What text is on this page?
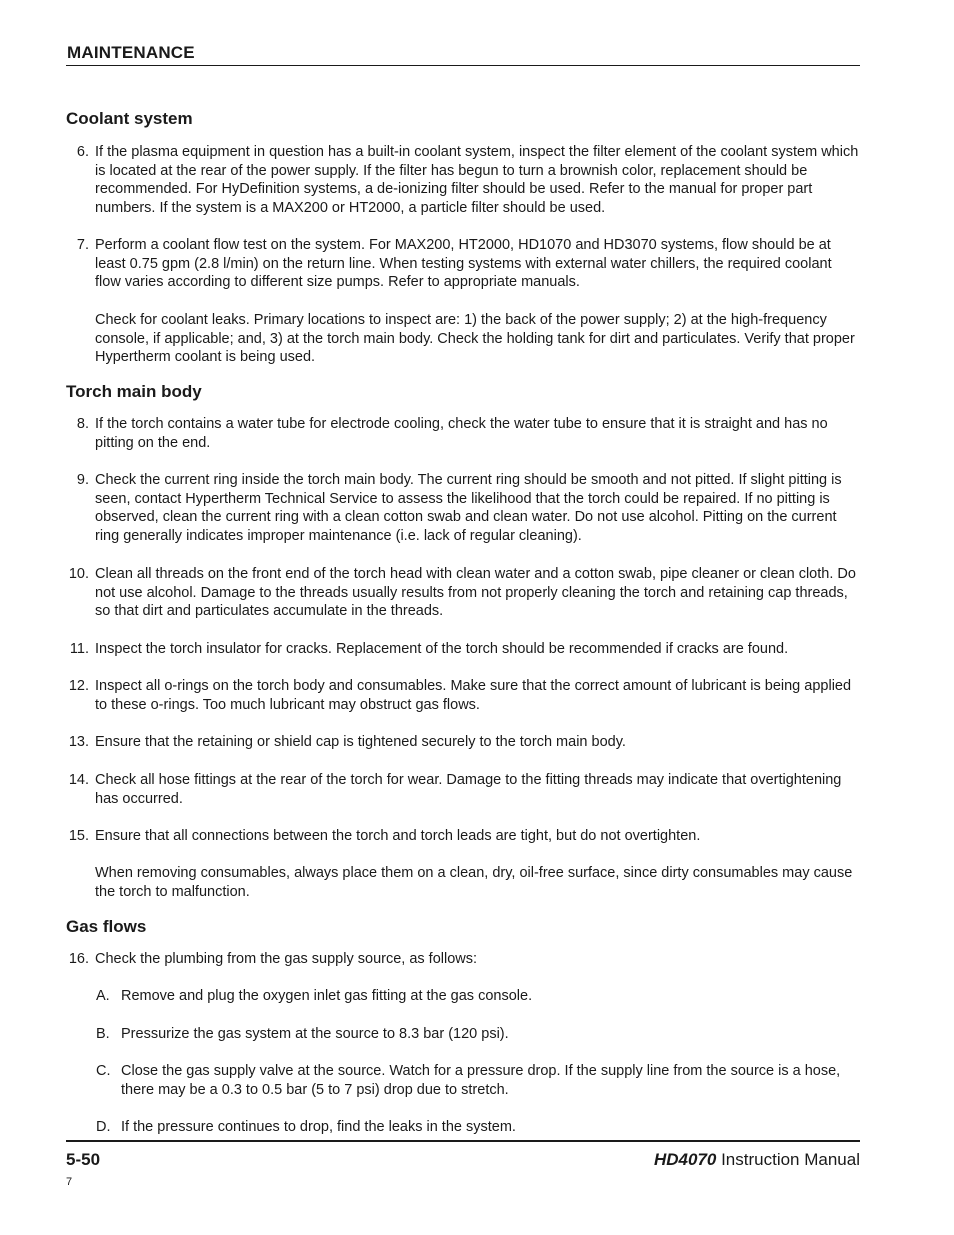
MAINTENANCE
Coolant system
6. If the plasma equipment in question has a built-in coolant system, inspect the filter element of the coolant system which is located at the rear of the power supply. If the filter has begun to turn a brownish color, replacement should be recommended. For HyDefinition systems, a de-ionizing filter should be used. Refer to the manual for proper part numbers. If the system is a MAX200 or HT2000, a particle filter should be used.
7. Perform a coolant flow test on the system. For MAX200, HT2000, HD1070 and HD3070 systems, flow should be at least 0.75 gpm (2.8 l/min) on the return line. When testing systems with external water chillers, the required coolant flow varies according to different size pumps. Refer to appropriate manuals.
Check for coolant leaks. Primary locations to inspect are: 1) the back of the power supply; 2) at the high-frequency console, if applicable; and, 3) at the torch main body. Check the holding tank for dirt and particulates. Verify that proper Hypertherm coolant is being used.
Torch main body
8. If the torch contains a water tube for electrode cooling, check the water tube to ensure that it is straight and has no pitting on the end.
9. Check the current ring inside the torch main body. The current ring should be smooth and not pitted. If slight pitting is seen, contact Hypertherm Technical Service to assess the likelihood that the torch could be repaired. If no pitting is observed, clean the current ring with a clean cotton swab and clean water. Do not use alcohol. Pitting on the current ring generally indicates improper maintenance (i.e. lack of regular cleaning).
10. Clean all threads on the front end of the torch head with clean water and a cotton swab, pipe cleaner or clean cloth. Do not use alcohol. Damage to the threads usually results from not properly cleaning the torch and retaining cap threads, so that dirt and particulates accumulate in the threads.
11. Inspect the torch insulator for cracks. Replacement of the torch should be recommended if cracks are found.
12. Inspect all o-rings on the torch body and consumables. Make sure that the correct amount of lubricant is being applied to these o-rings. Too much lubricant may obstruct gas flows.
13. Ensure that the retaining or shield cap is tightened securely to the torch main body.
14. Check all hose fittings at the rear of the torch for wear. Damage to the fitting threads may indicate that overtightening has occurred.
15. Ensure that all connections between the torch and torch leads are tight, but do not overtighten.
When removing consumables, always place them on a clean, dry, oil-free surface, since dirty consumables may cause the torch to malfunction.
Gas flows
16. Check the plumbing from the gas supply source, as follows:
A. Remove and plug the oxygen inlet gas fitting at the gas console.
B. Pressurize the gas system at the source to 8.3 bar (120 psi).
C. Close the gas supply valve at the source. Watch for a pressure drop. If the supply line from the source is a hose, there may be a 0.3 to 0.5 bar (5 to 7 psi) drop due to stretch.
D. If the pressure continues to drop, find the leaks in the system.
5-50	HD4070 Instruction Manual
7
